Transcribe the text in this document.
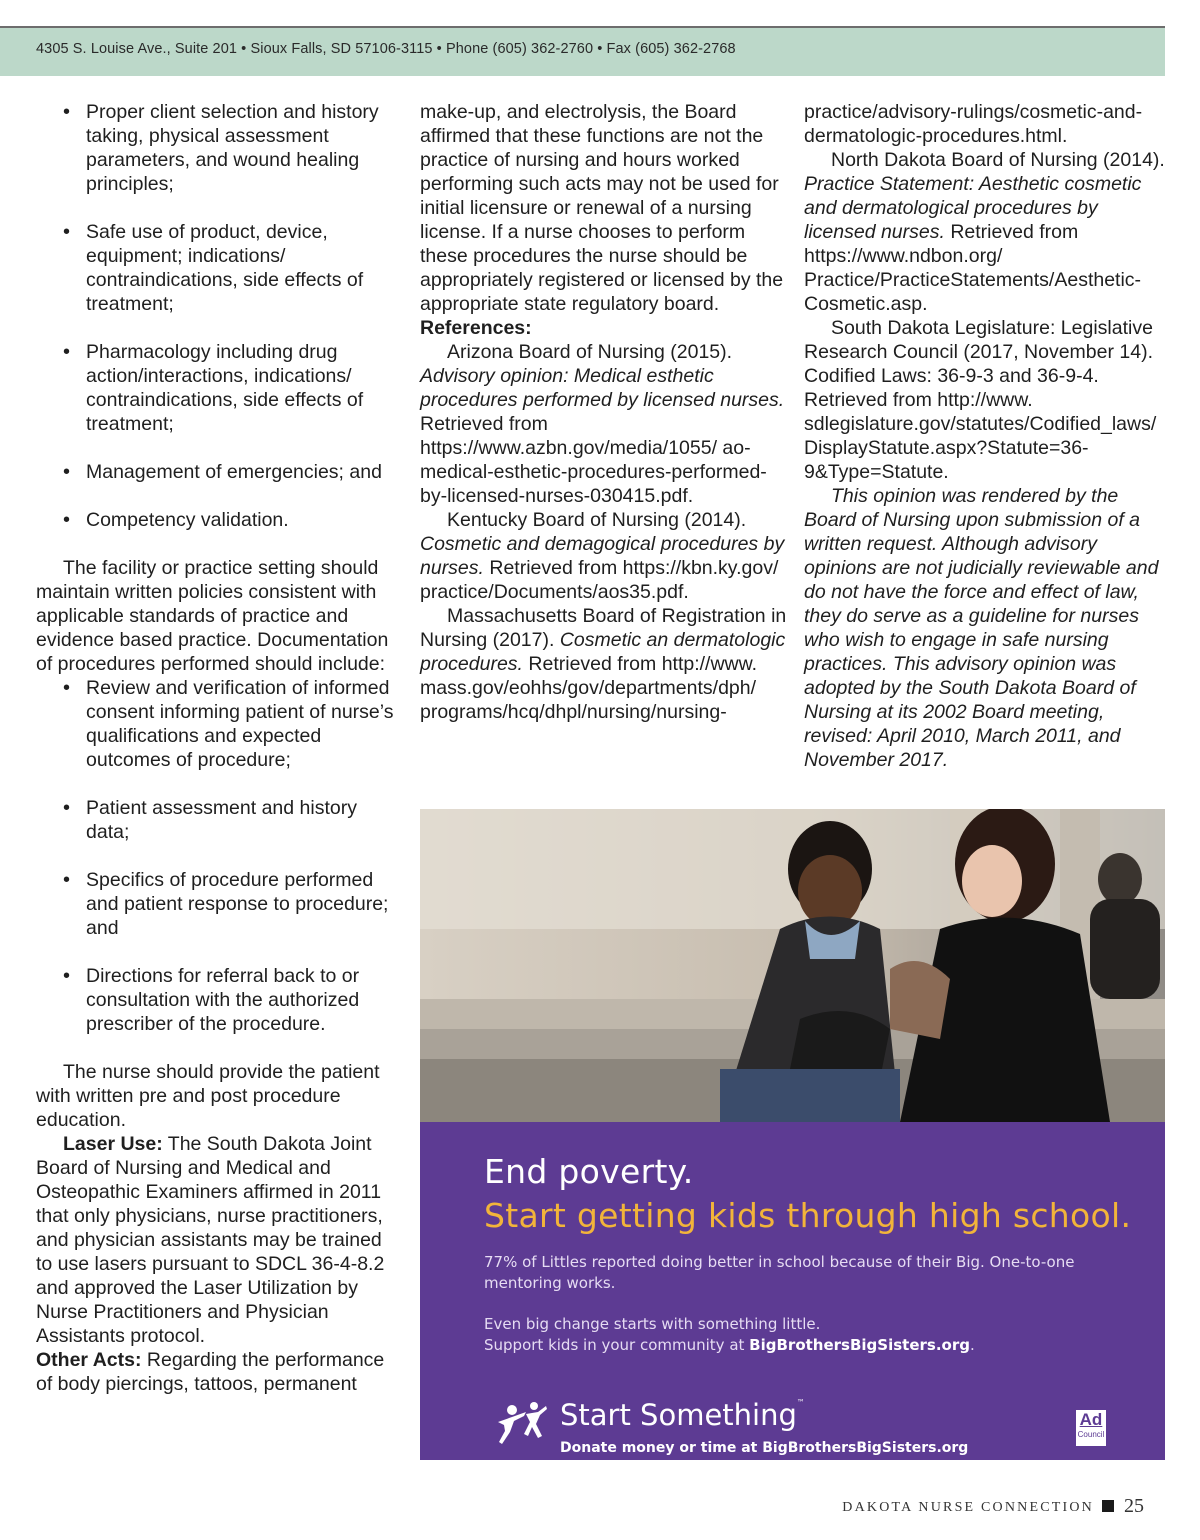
4305 S. Louise Ave., Suite 201 • Sioux Falls, SD 57106-3115 • Phone (605) 362-2760 • Fax (605) 362-2768
• Proper client selection and history taking, physical assessment parameters, and wound healing principles;
• Safe use of product, device, equipment; indications/ contraindications, side effects of treatment;
• Pharmacology including drug action/interactions, indications/ contraindications, side effects of treatment;
• Management of emergencies; and
• Competency validation.

The facility or practice setting should maintain written policies consistent with applicable standards of practice and evidence based practice. Documentation of procedures performed should include:

• Review and verification of informed consent informing patient of nurse’s qualifications and expected outcomes of procedure;
• Patient assessment and history data;
• Specifics of procedure performed and patient response to procedure; and
• Directions for referral back to or consultation with the authorized prescriber of the procedure.

The nurse should provide the patient with written pre and post procedure education.

Laser Use: The South Dakota Joint Board of Nursing and Medical and Osteopathic Examiners affirmed in 2011 that only physicians, nurse practitioners, and physician assistants may be trained to use lasers pursuant to SDCL 36-4-8.2 and approved the Laser Utilization by Nurse Practitioners and Physician Assistants protocol.

Other Acts: Regarding the performance of body piercings, tattoos, permanent

make-up, and electrolysis, the Board affirmed that these functions are not the practice of nursing and hours worked performing such acts may not be used for initial licensure or renewal of a nursing license. If a nurse chooses to perform these procedures the nurse should be appropriately registered or licensed by the appropriate state regulatory board.

References:

Arizona Board of Nursing (2015). Advisory opinion: Medical esthetic procedures performed by licensed nurses. Retrieved from https://www.azbn.gov/media/1055/ ao-medical-esthetic-procedures-performed-by-licensed-nurses-030415.pdf.

Kentucky Board of Nursing (2014). Cosmetic and demagogical procedures by nurses. Retrieved from https://kbn.ky.gov/ practice/Documents/aos35.pdf.

Massachusetts Board of Registration in Nursing (2017). Cosmetic an dermatologic procedures. Retrieved from http://www. mass.gov/eohhs/gov/departments/dph/ programs/hcq/dhpl/nursing/nursing-

practice/advisory-rulings/cosmetic-and-dermatologic-procedures.html.

North Dakota Board of Nursing (2014). Practice Statement: Aesthetic cosmetic and dermatological procedures by licensed nurses. Retrieved from https://www.ndbon.org/ Practice/PracticeStatements/Aesthetic-Cosmetic.asp.

South Dakota Legislature: Legislative Research Council (2017, November 14). Codified Laws: 36-9-3 and 36-9-4. Retrieved from http://www. sdlegislature.gov/statutes/Codified_laws/ DisplayStatute.aspx?Statute=36-9&Type=Statute.

This opinion was rendered by the Board of Nursing upon submission of a written request. Although advisory opinions are not judicially reviewable and do not have the force and effect of law, they do serve as a guideline for nurses who wish to engage in safe nursing practices. This advisory opinion was adopted by the South Dakota Board of Nursing at its 2002 Board meeting, revised: April 2010, March 2011, and November 2017.

End poverty.
Start getting kids through high school.
77% of Littles reported doing better in school because of their Big. One-to-one mentoring works.
Even big change starts with something little.
Support kids in your community at BigBrothersBigSisters.org.
Start Something™
Donate money or time at BigBrothersBigSisters.org
Ad
Council
DAKOTA NURSE CONNECTION 25
